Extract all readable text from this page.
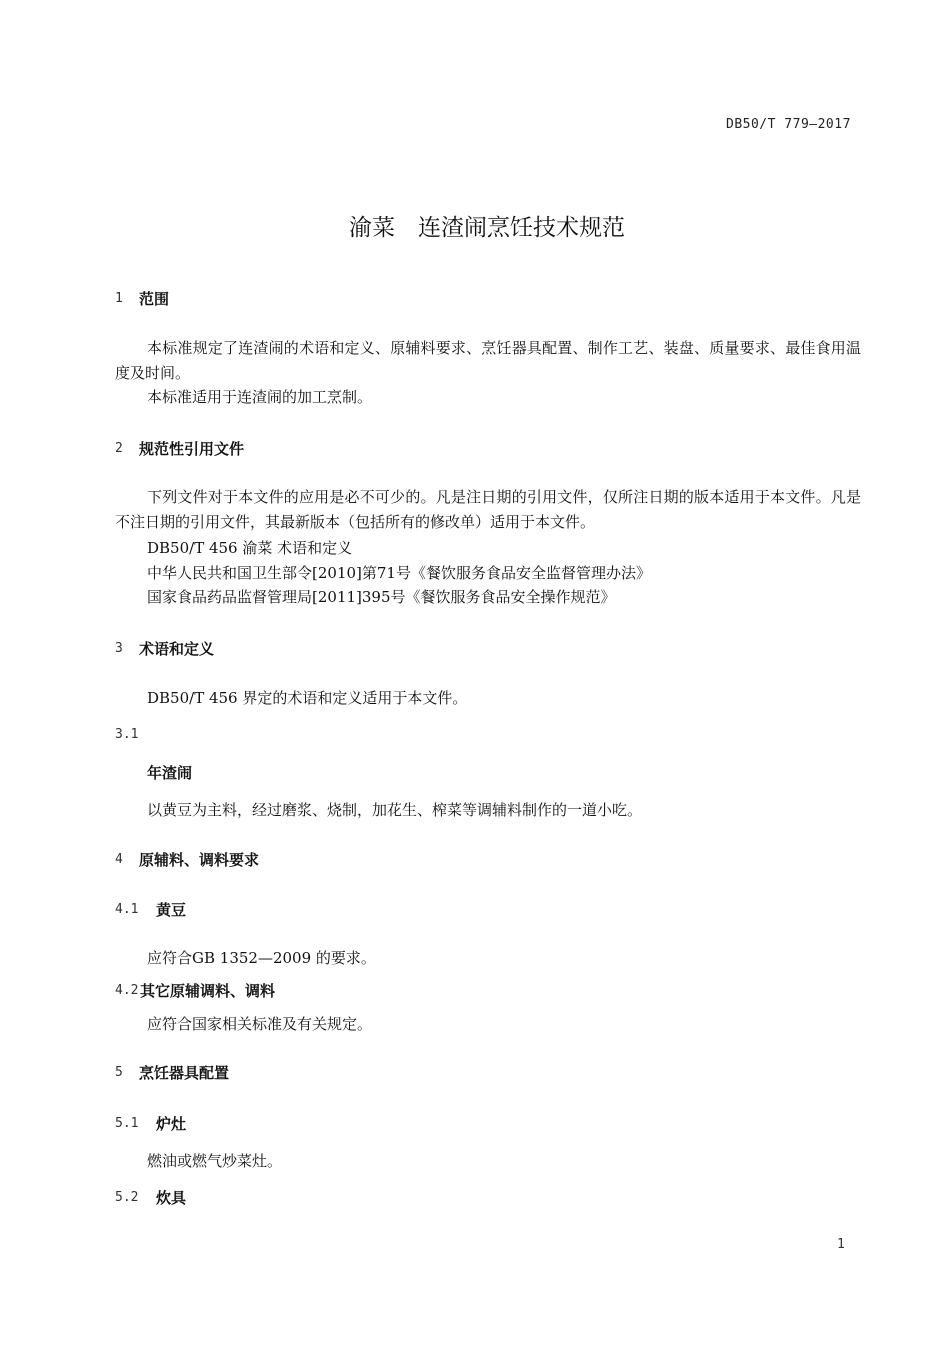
DB50/T 779—2017
渝菜　连渣闹烹饪技术规范
1 范围
本标准规定了连渣闹的术语和定义、原辅料要求、烹饪器具配置、制作工艺、装盘、质量要求、最佳食用温度及时间。
本标准适用于连渣闹的加工烹制。
2 规范性引用文件
下列文件对于本文件的应用是必不可少的。凡是注日期的引用文件，仅所注日期的版本适用于本文件。凡是不注日期的引用文件，其最新版本（包括所有的修改单）适用于本文件。
DB50/T 456 渝菜 术语和定义
中华人民共和国卫生部令[2010]第71号《餐饮服务食品安全监督管理办法》
国家食品药品监督管理局[2011]395号《餐饮服务食品安全操作规范》
3 术语和定义
DB50/T 456 界定的术语和定义适用于本文件。
3.1
年渣闹
以黄豆为主料，经过磨浆、烧制，加花生、榨菜等调辅料制作的一道小吃。
4 原辅料、调料要求
4.1 黄豆
应符合GB 1352—2009 的要求。
4.2 其它原辅调料、调料
应符合国家相关标准及有关规定。
5 烹饪器具配置
5.1 炉灶
燃油或燃气炒菜灶。
5.2 炊具
1
